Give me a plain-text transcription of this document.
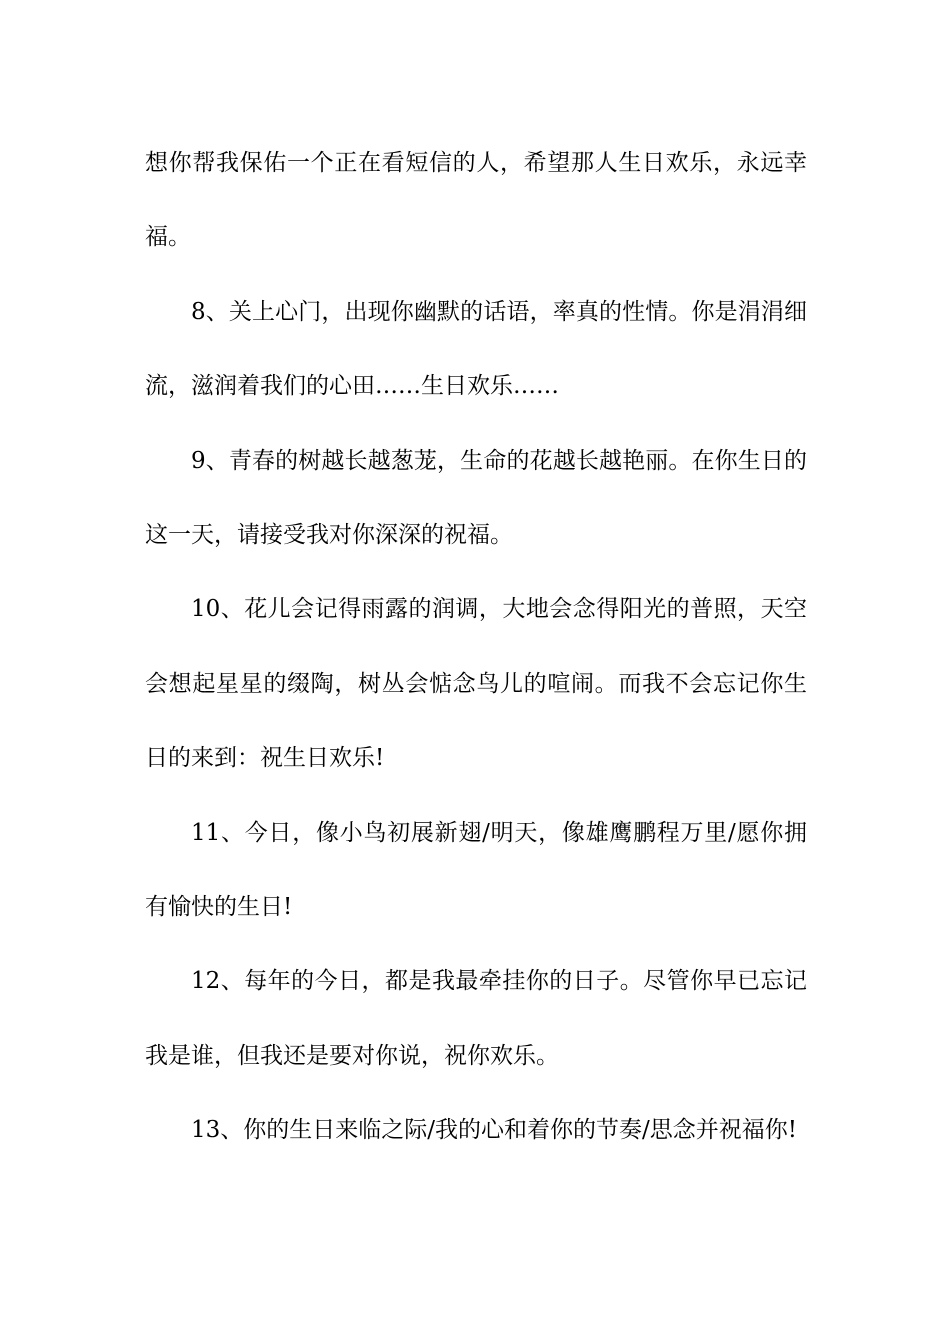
想你帮我保佑一个正在看短信的人，希望那人生日欢乐，永远幸福。

8、关上心门，出现你幽默的话语，率真的性情。你是涓涓细流，滋润着我们的心田……生日欢乐……

9、青春的树越长越葱茏，生命的花越长越艳丽。在你生日的这一天，请接受我对你深深的祝福。

10、花儿会记得雨露的润调，大地会念得阳光的普照，天空会想起星星的缀陶，树丛会惦念鸟儿的喧闹。而我不会忘记你生日的来到：祝生日欢乐!

11、今日，像小鸟初展新翅/明天，像雄鹰鹏程万里/愿你拥有愉快的生日!

12、每年的今日，都是我最牵挂你的日子。尽管你早已忘记我是谁，但我还是要对你说，祝你欢乐。

13、你的生日来临之际/我的心和着你的节奏/思念并祝福你!
